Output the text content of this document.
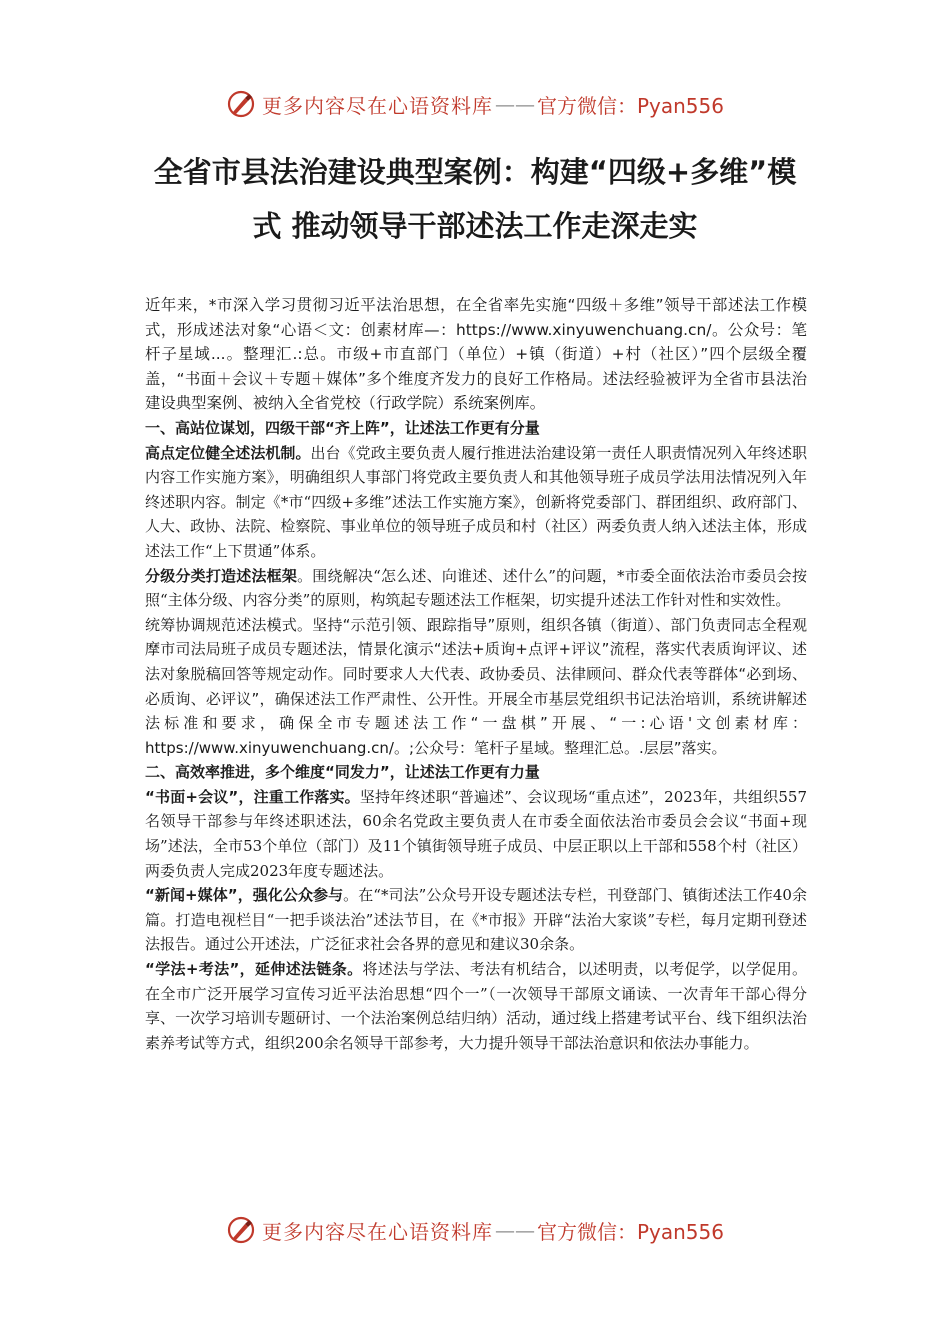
更多内容尽在心语资料库 —— 官方微信：Pyan556
全省市县法治建设典型案例：构建“四级+多维”模式 推动领导干部述法工作走深走实

近年来，*市深入学习贯彻习近平法治思想，在全省率先实施“四级＋多维”领导干部述法工作模式，形成述法对象“心语＜文：创素材库—：https://www.xinyuwenchuang.cn/。公众号：笔杆子星域...。整理汇.:总。市级+市直部门（单位）+镇（街道）+村（社区）”四个层级全覆盖，“书面＋会议＋专题＋媒体”多个维度齐发力的良好工作格局。述法经验被评为全省市县法治建设典型案例、被纳入全省党校（行政学院）系统案例库。

一、高站位谋划，四级干部“齐上阵”，让述法工作更有分量

高点定位健全述法机制。出台《党政主要负责人履行推进法治建设第一责任人职责情况列入年终述职内容工作实施方案》，明确组织人事部门将党政主要负责人和其他领导班子成员学法用法情况列入年终述职内容。制定《*市“四级+多维”述法工作实施方案》，创新将党委部门、群团组织、政府部门、人大、政协、法院、检察院、事业单位的领导班子成员和村（社区）两委负责人纳入述法主体，形成述法工作“上下贯通”体系。

分级分类打造述法框架。围绕解决“怎么述、向谁述、述什么”的问题，*市委全面依法治市委员会按照“主体分级、内容分类”的原则，构筑起专题述法工作框架，切实提升述法工作针对性和实效性。

统筹协调规范述法模式。坚持“示范引领、跟踪指导”原则，组织各镇（街道）、部门负责同志全程观摩市司法局班子成员专题述法，情景化演示“述法+质询+点评+评议”流程，落实代表质询评议、述法对象脱稿回答等规定动作。同时要求人大代表、政协委员、法律顾问、群众代表等群体“必到场、必质询、必评议”，确保述法工作严肃性、公开性。开展全市基层党组织书记法治培训，系统讲解述法标准和要求，确保全市专题述法工作“一盘棋”开展、“一:心语'文创素材库：https://www.xinyuwenchuang.cn/。;公众号：笔杆子星域。整理汇总。.层层”落实。

二、高效率推进，多个维度“同发力”，让述法工作更有力量

“书面+会议”，注重工作落实。坚持年终述职“普遍述”、会议现场“重点述”，2023年，共组织557名领导干部参与年终述职述法，60余名党政主要负责人在市委全面依法治市委员会会议“书面+现场”述法，全市53个单位（部门）及11个镇街领导班子成员、中层正职以上干部和558个村（社区）两委负责人完成2023年度专题述法。

“新闻+媒体”，强化公众参与。在“*司法”公众号开设专题述法专栏，刊登部门、镇街述法工作40余篇。打造电视栏目“一把手谈法治”述法节目，在《*市报》开辟“法治大家谈”专栏，每月定期刊登述法报告。通过公开述法，广泛征求社会各界的意见和建议30余条。

“学法+考法”，延伸述法链条。将述法与学法、考法有机结合，以述明责，以考促学，以学促用。在全市广泛开展学习宣传习近平法治思想“四个一”（一次领导干部原文诵读、一次青年干部心得分享、一次学习培训专题研讨、一个法治案例总结归纳）活动，通过线上搭建考试平台、线下组织法治素养考试等方式，组织200余名领导干部参考，大力提升领导干部法治意识和依法办事能力。

更多内容尽在心语资料库 —— 官方微信：Pyan556
